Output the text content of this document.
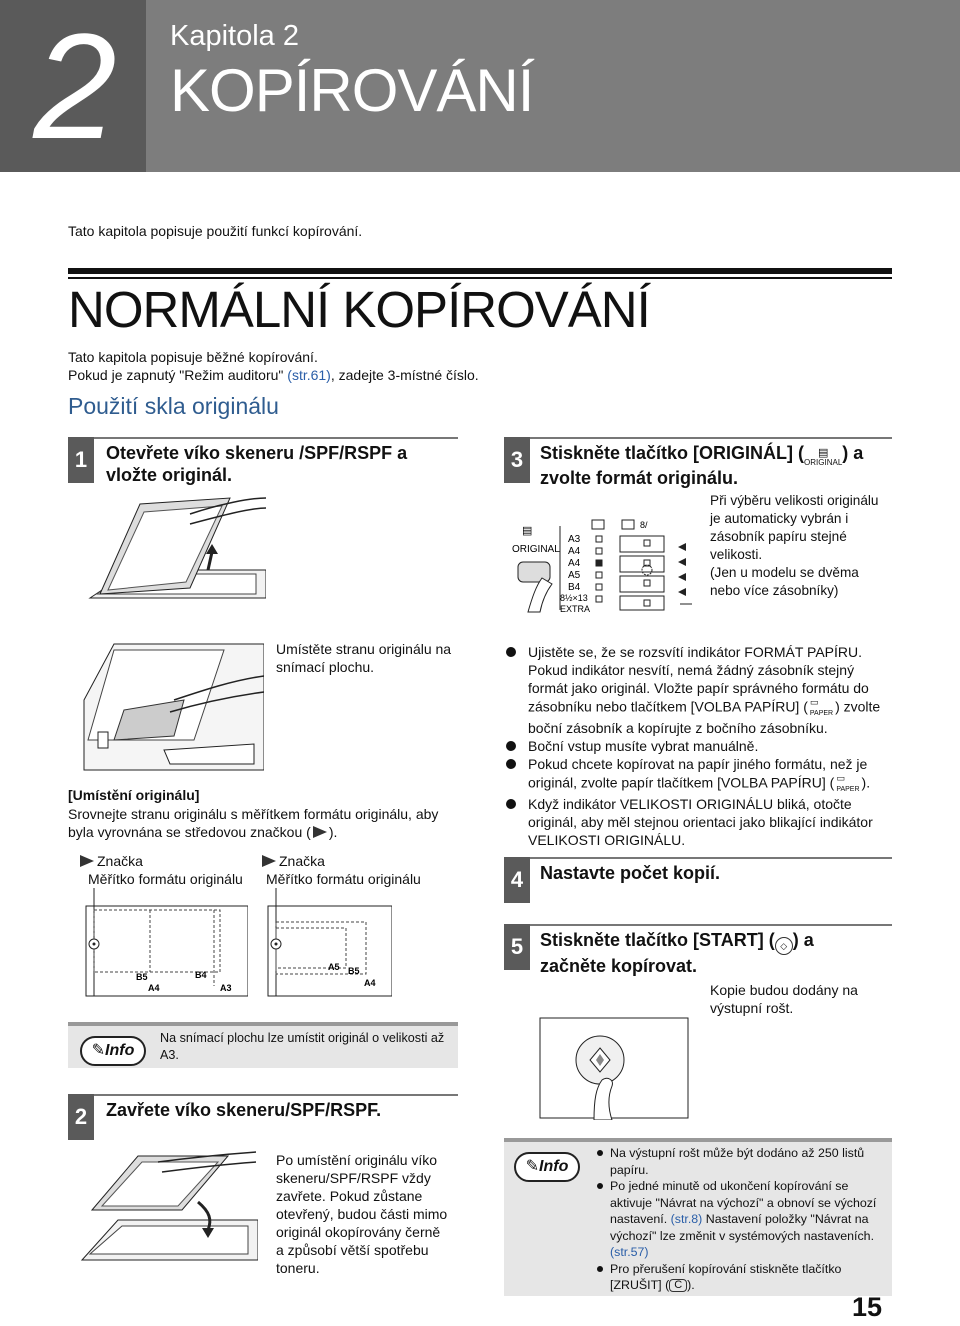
2	Kapitola 2
KOPÍROVÁNÍ
Tato kapitola popisuje použití funkcí kopírování.
NORMÁLNÍ KOPÍROVÁNÍ
Tato kapitola popisuje běžné kopírování.
Pokud je zapnutý "Režim auditoru" (str.61), zadejte 3-místné číslo.
Použití skla originálu
1	Otevřete víko skeneru /SPF/RSPF a
vložte originál.
Umístěte stranu originálu na
snímací plochu.
[Umístění originálu]
Srovnejte stranu originálu s měřítkem formátu originálu, aby
byla vyrovnána se středovou značkou ( ).
Značka
Měřítko formátu originálu
B5
A4
B4
A3
Značka
Měřítko formátu originálu
A5 B5
A4
✎Info
Na snímací plochu lze umístit originál o velikosti až
A3.
2	Zavřete víko skeneru/SPF/RSPF.
Po umístění originálu víko
skeneru/SPF/RSPF vždy
zavřete. Pokud zůstane
otevřený, budou části mimo
originál okopírovány černě
a způsobí větší spotřebu
toneru.
3 Stiskněte tlačítko [ORIGINÁL] (	▤
ORIGINAL) a
zvolte formát originálu.
▤
ORIGINAL
A3
A4
A4
A5
B4
8½×13
EXTRA
8/
Při výběru velikosti originálu
je automaticky vybrán i
zásobník papíru stejné
velikosti.
(Jen u modelu se dvěma
nebo více zásobníky)
Ujistěte se, že se rozsvítí indikátor FORMÁT PAPÍRU.
Pokud indikátor nesvítí, nemá žádný zásobník stejný
formát jako originál. Vložte papír správného formátu do
zásobníku nebo tlačítkem [VOLBA PAPÍRU] ( ▭
PAPER ) zvolte
boční zásobník a kopírujte z bočního zásobníku.
Boční vstup musíte vybrat manuálně.
Pokud chcete kopírovat na papír jiného formátu, než je
originál, zvolte papír tlačítkem [VOLBA PAPÍRU] ( ▭
PAPER ).
Když indikátor VELIKOSTI ORIGINÁLU bliká, otočte
originál, aby měl stejnou orientaci jako blikající indikátor
VELIKOSTI ORIGINÁLU.
4 Nastavte počet kopií.
5 Stiskněte tlačítko [START] ( ◇ ) a
začněte kopírovat.
Kopie budou dodány na
výstupní rošt.
✎Info
Na výstupní rošt může být dodáno až 250 listů papíru.
Po jedné minutě od ukončení kopírování se aktivuje "Návrat na výchozí" a obnoví se výchozí nastavení. (str.8) Nastavení položky "Návrat na výchozí" lze změnit v systémových nastaveních. (str.57)
Pro přerušení kopírování stiskněte tlačítko [ZRUŠIT] ( C ).
15
